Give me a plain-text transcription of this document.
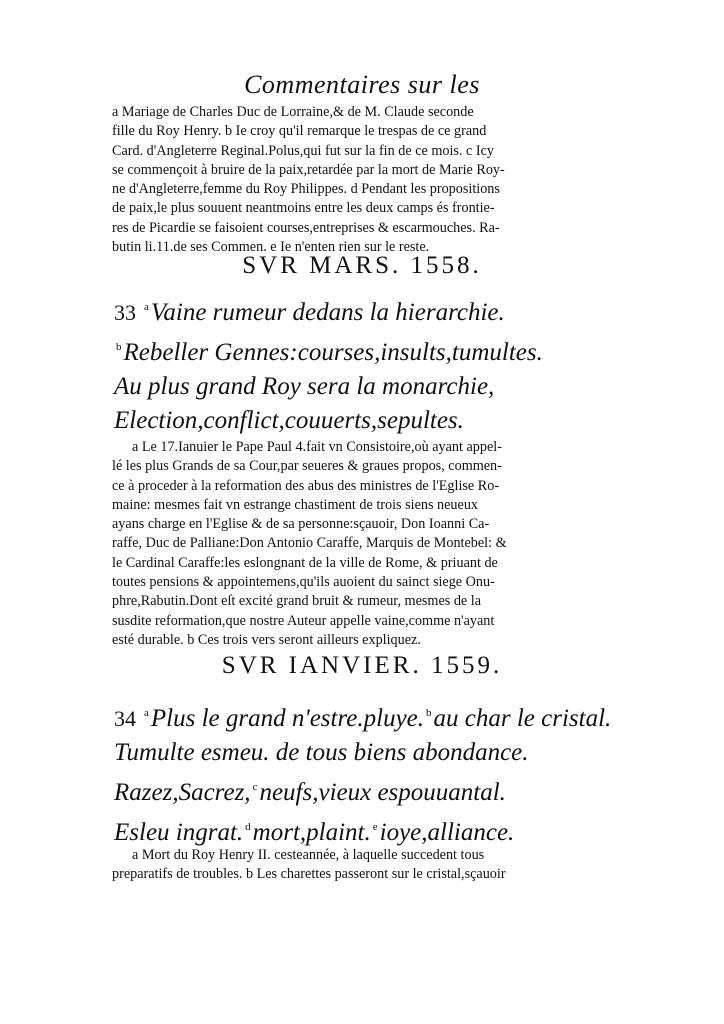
Commentaires sur les

a Mariage de Charles Duc de Lorraine,& de M. Claude seconde

fille du Roy Henry. b Ie croy qu'il remarque le trespas de ce grand

Card. d'Angleterre Reginal.Polus,qui fut sur la fin de ce mois. c Icy

se commençoit à bruire de la paix,retardée par la mort de Marie Roy-

ne d'Angleterre,femme du Roy Philippes. d Pendant les propositions

de paix,le plus souuent neantmoins entre les deux camps és frontie-

res de Picardie se faisoient courses,entreprises & escarmouches. Ra-

butin li.11.de ses Commen. e Ie n'enten rien sur le reste.

SVR MARS. 1558.
33 $^a$Vaine rumeur dedans la hierarchie.
$^b$Rebeller Gennes:courses,insults,tumultes.
Au plus grand Roy sera la monarchie,
Election,conflict,couuerts,sepultes.

a Le 17.Ianuier le Pape Paul 4.fait vn Consistoire,où ayant appel-

lé les plus Grands de sa Cour,par seueres & graues propos, commen-

ce à proceder à la reformation des abus des ministres de l'Eglise Ro-

maine: mesmes fait vn estrange chastiment de trois siens neueux

ayans charge en l'Eglise & de sa personne:sçauoir, Don Ioanni Ca-

raffe, Duc de Palliane:Don Antonio Caraffe, Marquis de Montebel: &

le Cardinal Caraffe:les eslongnant de la ville de Rome, & priuant de

toutes pensions & appointemens,qu'ils auoient du sainct siege Onu-

phre,Rabutin.Dont eſt excité grand bruit & rumeur, mesmes de la

susdite reformation,que nostre Auteur appelle vaine,comme n'ayant

esté durable. b Ces trois vers seront ailleurs expliquez.

SVR IANVIER. 1559.
34 $^a$Plus le grand n'estre.pluye. $^b$au char le cristal.
Tumulte esmeu. de tous biens abondance.
Razez,Sacrez, $^c$neufs,vieux espouuantal.
Esleu ingrat. $^d$mort,plaint. $^e$ioye,alliance.

a Mort du Roy Henry II. cesteannée, à laquelle succedent tous

preparatifs de troubles. b Les charettes passeront sur le cristal,sçauoir
